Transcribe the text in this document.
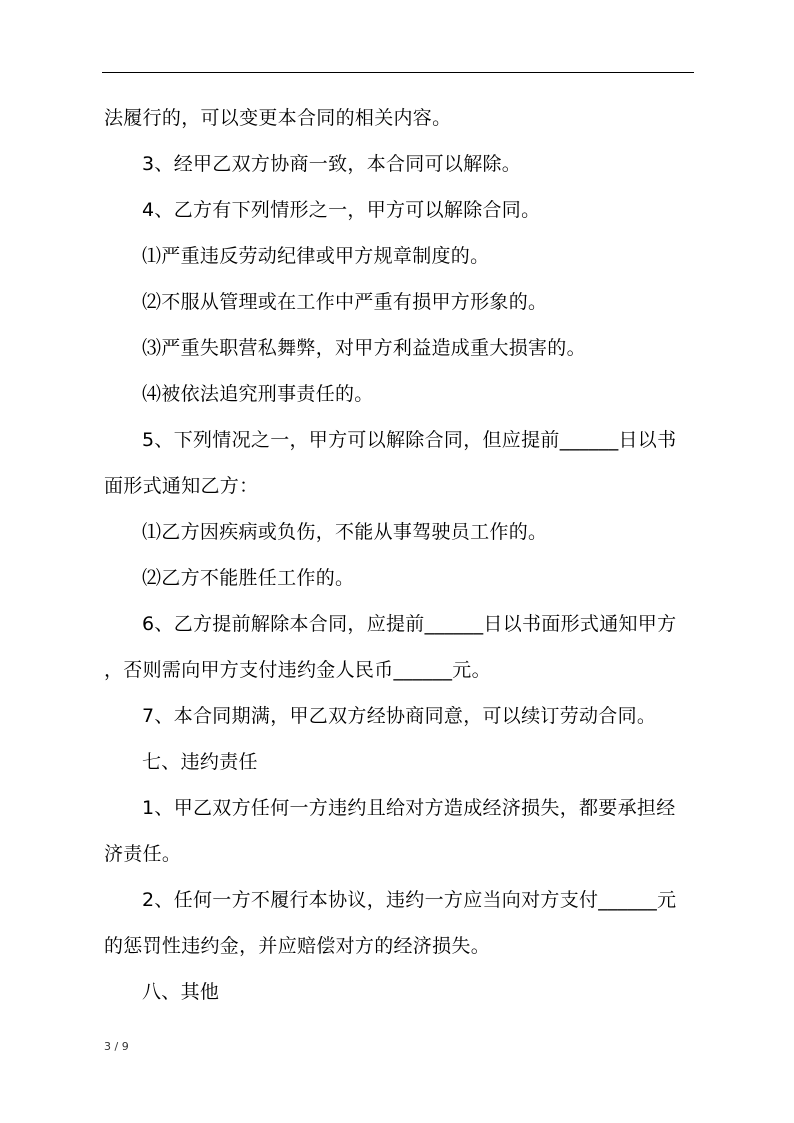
法履行的，可以变更本合同的相关内容。
3、经甲乙双方协商一致，本合同可以解除。
4、乙方有下列情形之一，甲方可以解除合同。
⑴严重违反劳动纪律或甲方规章制度的。
⑵不服从管理或在工作中严重有损甲方形象的。
⑶严重失职营私舞弊，对甲方利益造成重大损害的。
⑷被依法追究刑事责任的。
5、下列情况之一，甲方可以解除合同，但应提前______日以书
面形式通知乙方：
⑴乙方因疾病或负伤，不能从事驾驶员工作的。
⑵乙方不能胜任工作的。
6、乙方提前解除本合同，应提前______日以书面形式通知甲方
，否则需向甲方支付违约金人民币______元。
7、本合同期满，甲乙双方经协商同意，可以续订劳动合同。
七、违约责任
1、甲乙双方任何一方违约且给对方造成经济损失，都要承担经
济责任。
2、任何一方不履行本协议，违约一方应当向对方支付______元
的惩罚性违约金，并应赔偿对方的经济损失。
八、其他
3 / 9
